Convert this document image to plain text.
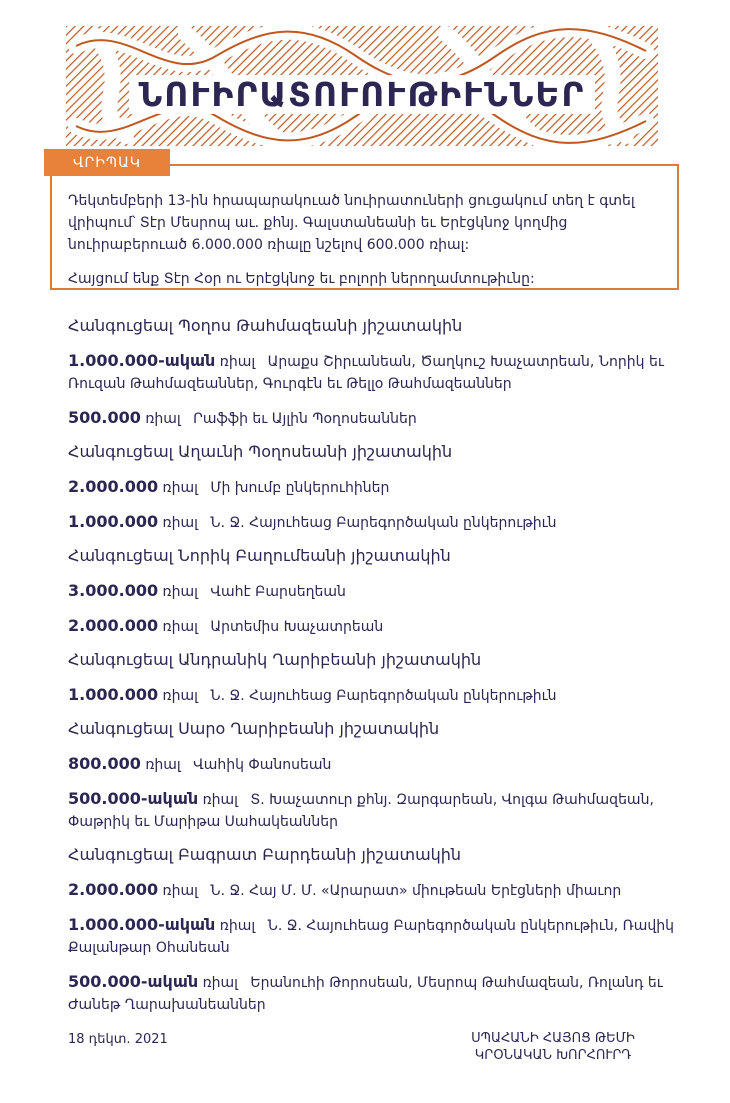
ՆՈՒԻՐԱՏՈՒՈՒԹԻՒՆՆԵՐ
ՎՐԻՊԱԿ

Դեկտեմբերի 13-ին հրապարակուած նուիրատուների ցուցակում տեղ է գտել վրիպում՝ Տէր Մեսրոպ աւ. քհնյ. Գալստանեանի եւ Երէցկնոջ կողմից նուիրաբերուած 6.000.000 ռիալը նշելով 600.000 ռիալ:

Հայցում ենք Տէր Հօր ու Երէցկնոջ եւ բոլորի ներողամտութիւնը:

Հանգուցեալ Պօղոս Թահմազեանի յիշատակին
1.000.000-ական ռիալ Արաքս Շիրւանեան, Ծաղկուշ Խաչատրեան, Նորիկ եւ Ռուզան Թահմազեաններ, Գուրգէն եւ Թելլօ Թահմազեաններ
500.000 ռիալ Րաֆֆի եւ Այլին Պօղոսեաններ
Հանգուցեալ Աղաւնի Պօղոսեանի յիշատակին
2.000.000 ռիալ Մի խումբ ընկերուհիներ
1.000.000 ռիալ Ն. Ջ. Հայուհեաց Բարեգործական ընկերութիւն
Հանգուցեալ Նորիկ Բաղումեանի յիշատակին
3.000.000 ռիալ Վահէ Բարսեղեան
2.000.000 ռիալ Արտեմիս Խաչատրեան
Հանգուցեալ Անդրանիկ Ղարիբեանի յիշատակին
1.000.000 ռիալ Ն. Ջ. Հայուհեաց Բարեգործական ընկերութիւն
Հանգուցեալ Սարօ Ղարիբեանի յիշատակին
800.000 ռիալ Վահիկ Փանոսեան
500.000-ական ռիալ Տ. Խաչատուր քհնյ. Զարգարեան, Վոլգա Թահմազեան, Փաթրիկ եւ Մարիթա Սահակեաններ
Հանգուցեալ Բագրատ Բարդեանի յիշատակին
2.000.000 ռիալ Ն. Ջ. Հայ Մ. Մ. «Արարատ» միութեան Երէցների միաւոր
1.000.000-ական ռիալ Ն. Ջ. Հայուհեաց Բարեգործական ընկերութիւն, Ռավիկ Քալանթար Օհանեան
500.000-ական ռիալ Երանուհի Թորոսեան, Մեսրոպ Թահմազեան, Ռոլանդ եւ Ժանեթ Ղարախանեաններ
18 դեկտ. 2021	ՍՊԱՀԱՆԻ ՀԱՅՈՑ ԹԵՄԻ
ԿՐՕՆԱԿԱՆ ԽՈՐՀՈՒՐԴ
